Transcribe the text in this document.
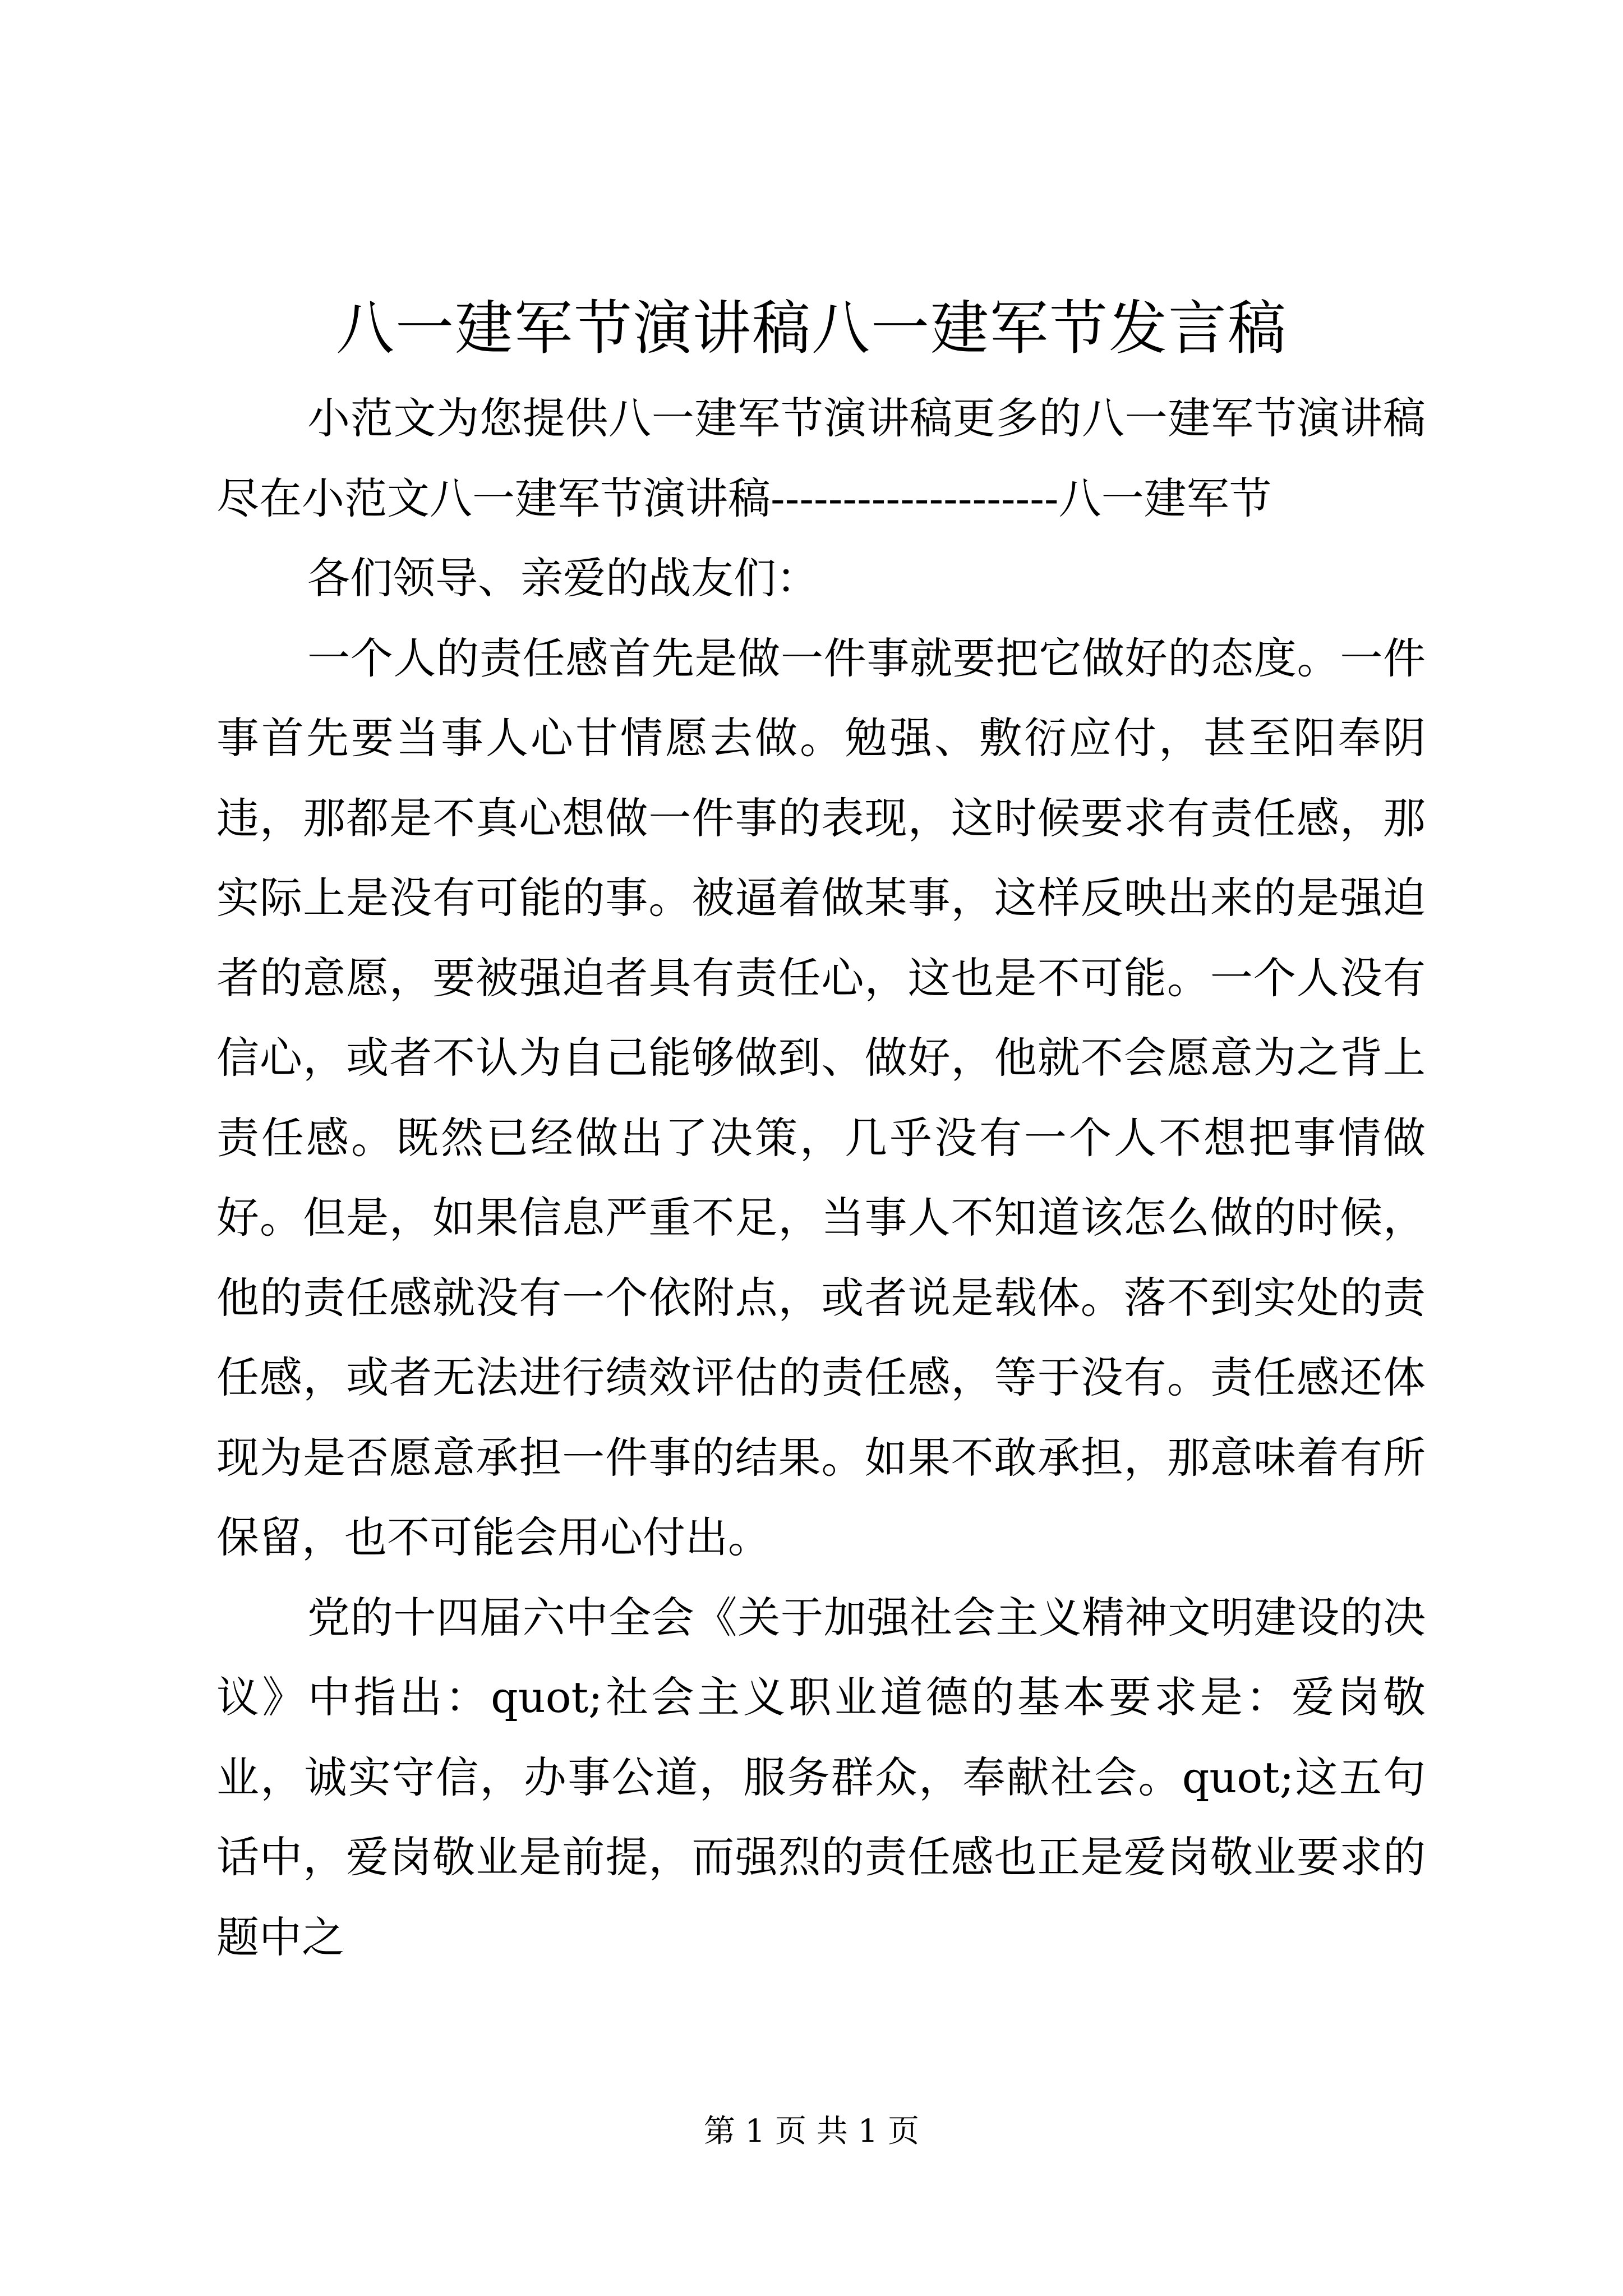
八一建军节演讲稿八一建军节发言稿

小范文为您提供八一建军节演讲稿更多的八一建军节演讲稿尽在小范文八一建军节演讲稿--------------------八一建军节

各们领导、亲爱的战友们：

一个人的责任感首先是做一件事就要把它做好的态度。一件事首先要当事人心甘情愿去做。勉强、敷衍应付，甚至阳奉阴违，那都是不真心想做一件事的表现，这时候要求有责任感，那实际上是没有可能的事。被逼着做某事，这样反映出来的是强迫者的意愿，要被强迫者具有责任心，这也是不可能。一个人没有信心，或者不认为自己能够做到、做好，他就不会愿意为之背上责任感。既然已经做出了决策，几乎没有一个人不想把事情做好。但是，如果信息严重不足，当事人不知道该怎么做的时候，他的责任感就没有一个依附点，或者说是载体。落不到实处的责任感，或者无法进行绩效评估的责任感，等于没有。责任感还体现为是否愿意承担一件事的结果。如果不敢承担，那意味着有所保留，也不可能会用心付出。

党的十四届六中全会《关于加强社会主义精神文明建设的决议》中指出：quot;社会主义职业道德的基本要求是：爱岗敬业，诚实守信，办事公道，服务群众，奉献社会。quot;这五句话中，爱岗敬业是前提，而强烈的责任感也正是爱岗敬业要求的题中之

第 1 页 共 1 页
